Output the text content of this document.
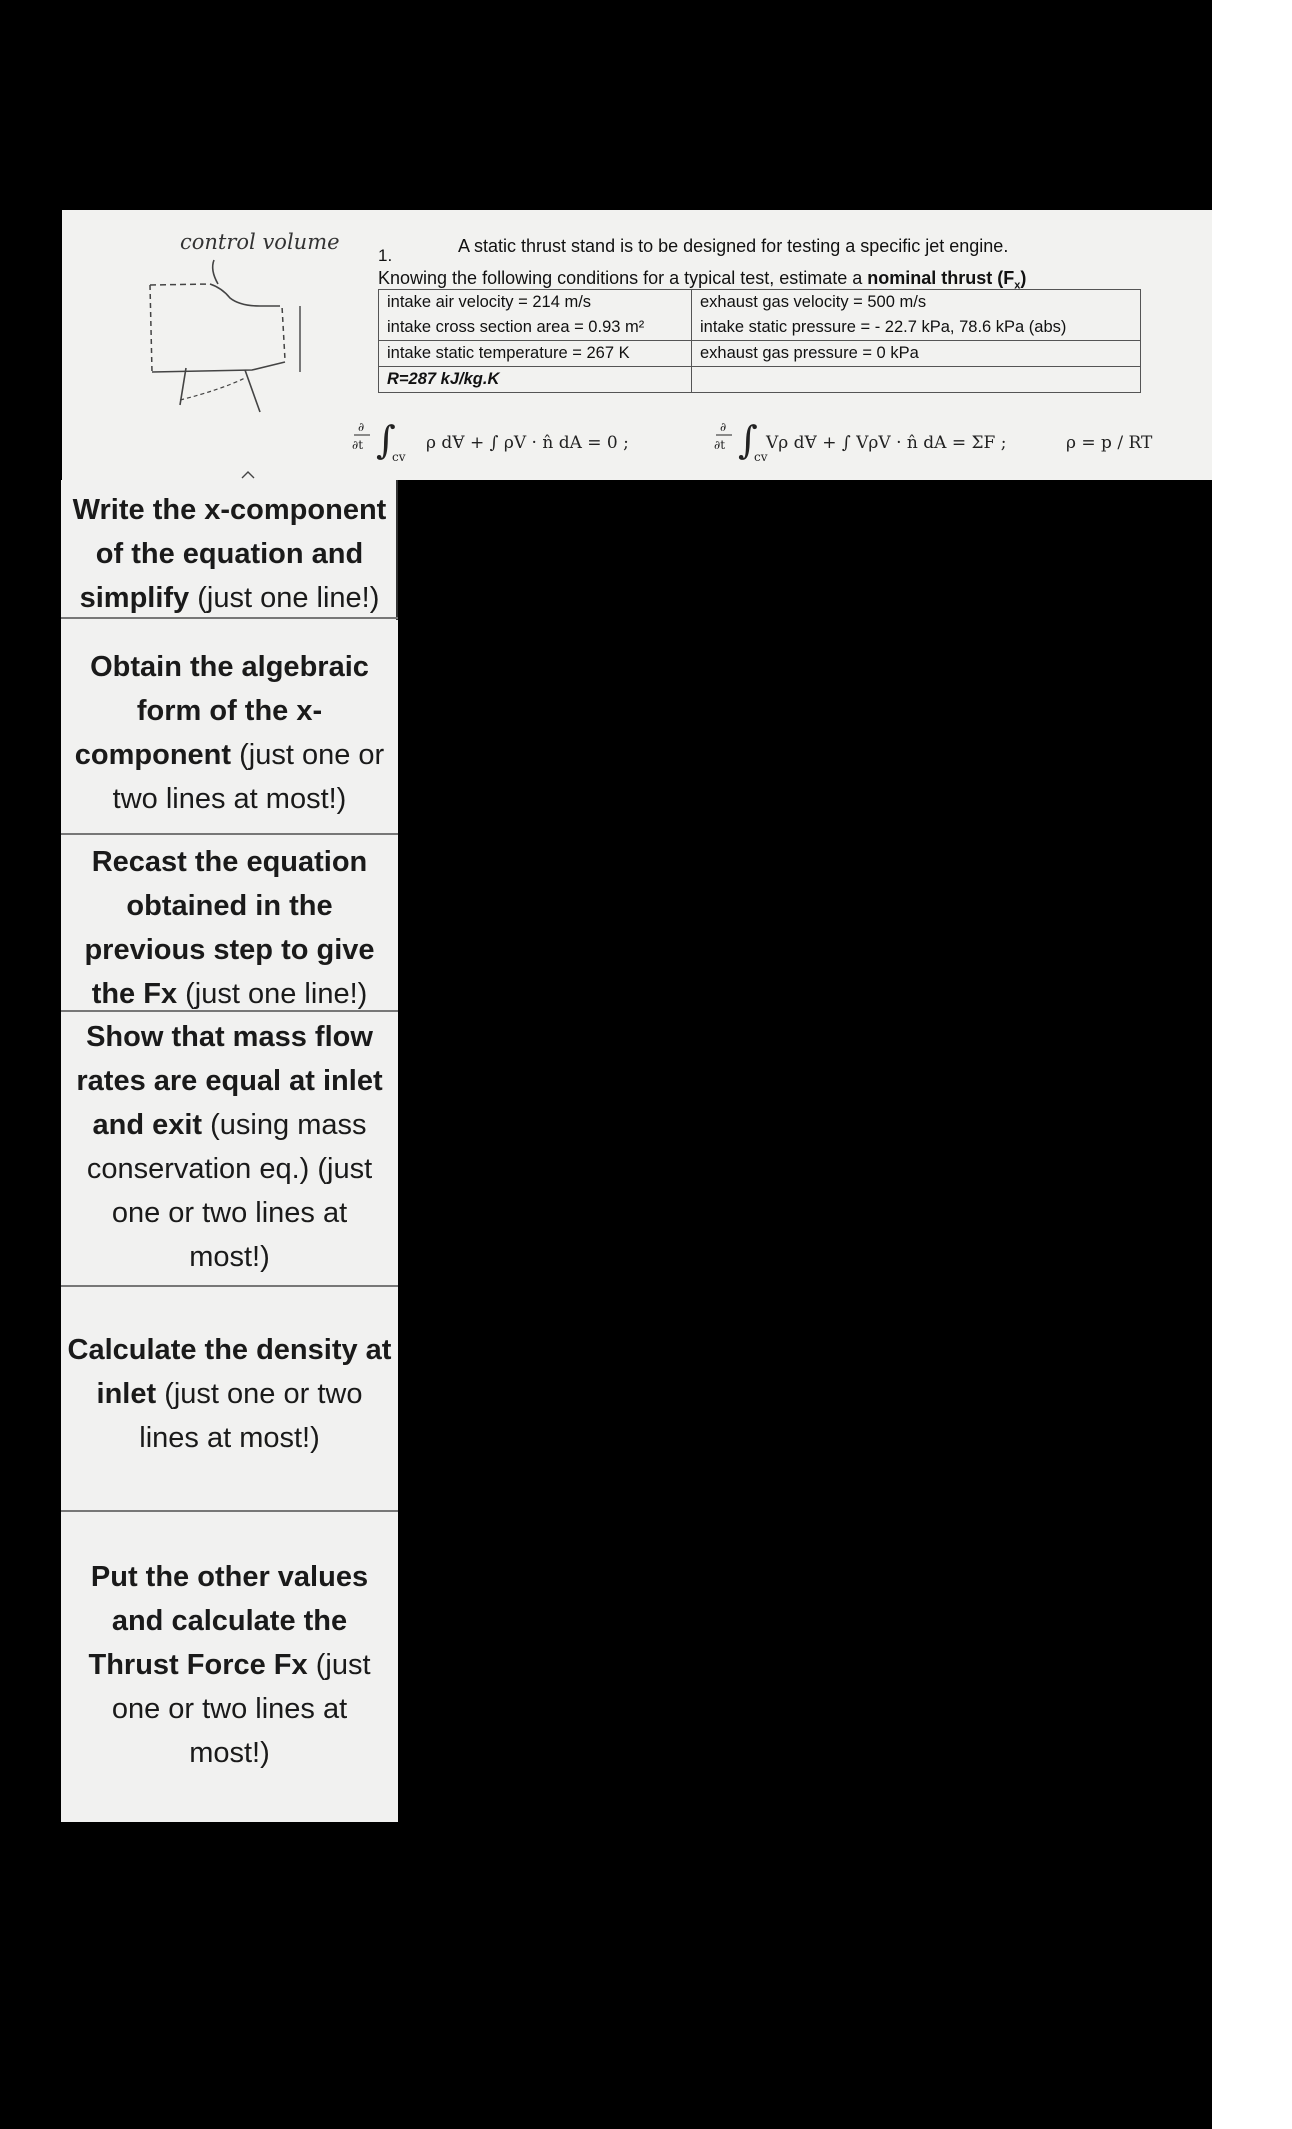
control volume
1.	A static thrust stand is to be designed for testing a specific jet engine.
Knowing the following conditions for a typical test, estimate a nominal thrust $(F_x)$
intake air velocity = 214 m/s	exhaust gas velocity = 500 m/s
intake cross section area = 0.93 m²	intake static pressure = - 22.7 kPa, 78.6 kPa (abs)
intake static temperature = 267 K	exhaust gas pressure = 0 kPa
R=287 kJ/kg.K	
∂
∂t ∫
cv
ρ dⱯ + ∫ ρV · n̂ dA = 0 ;
∂
∂t ∫
cv
Vρ dⱯ + ∫ VρV · n̂ dA = ΣF ;	ρ = p / RT
Write the x-component
of the equation and
simplify (just one line!)
Obtain the algebraic
form of the x-
component (just one or
two lines at most!)
Recast the equation
obtained in the
previous step to give
the Fx (just one line!)
Show that mass flow
rates are equal at inlet
and exit (using mass
conservation eq.) (just
one or two lines at
most!)
Calculate the density at
inlet (just one or two
lines at most!)
Put the other values
and calculate the
Thrust Force Fx (just
one or two lines at
most!)
